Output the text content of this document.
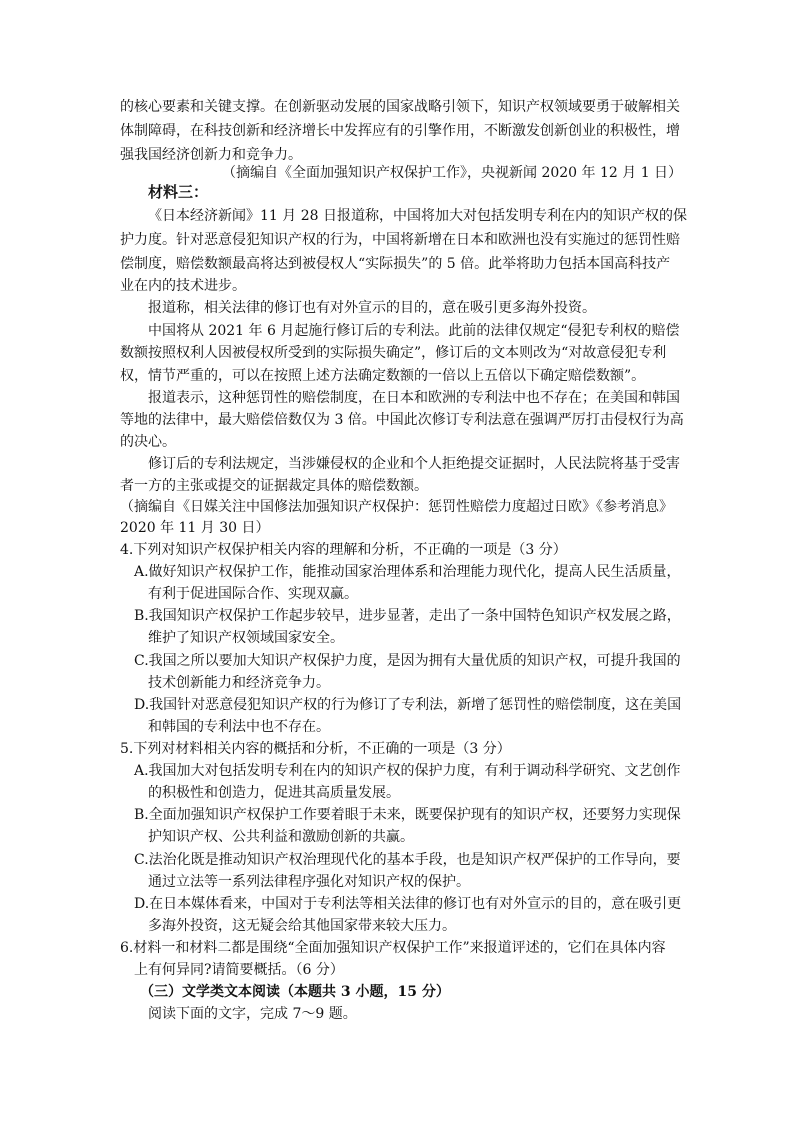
的核心要素和关键支撑。在创新驱动发展的国家战略引领下，知识产权领域要勇于破解相关
体制障碍，在科技创新和经济增长中发挥应有的引擎作用，不断激发创新创业的积极性，增
强我国经济创新力和竞争力。
（摘编自《全面加强知识产权保护工作》，央视新闻 2020 年 12 月 1 日）
材料三：
《日本经济新闻》11 月 28 日报道称，中国将加大对包括发明专利在内的知识产权的保
护力度。针对恶意侵犯知识产权的行为，中国将新增在日本和欧洲也没有实施过的惩罚性赔
偿制度，赔偿数额最高将达到被侵权人“实际损失”的 5 倍。此举将助力包括本国高科技产
业在内的技术进步。
报道称，相关法律的修订也有对外宣示的目的，意在吸引更多海外投资。
中国将从 2021 年 6 月起施行修订后的专利法。此前的法律仅规定“侵犯专利权的赔偿
数额按照权利人因被侵权所受到的实际损失确定”，修订后的文本则改为“对故意侵犯专利
权，情节严重的，可以在按照上述方法确定数额的一倍以上五倍以下确定赔偿数额”。
报道表示，这种惩罚性的赔偿制度，在日本和欧洲的专利法中也不存在；在美国和韩国
等地的法律中，最大赔偿倍数仅为 3 倍。中国此次修订专利法意在强调严厉打击侵权行为高
的决心。
修订后的专利法规定，当涉嫌侵权的企业和个人拒绝提交证据时，人民法院将基于受害
者一方的主张或提交的证据裁定具体的赔偿数额。
（摘编自《日媒关注中国修法加强知识产权保护：惩罚性赔偿力度超过日欧》《参考消息》
2020 年 11 月 30 日）
4.下列对知识产权保护相关内容的理解和分析，不正确的一项是（3 分）
A.做好知识产权保护工作，能推动国家治理体系和治理能力现代化，提高人民生活质量，
有利于促进国际合作、实现双赢。
B.我国知识产权保护工作起步较早，进步显著，走出了一条中国特色知识产权发展之路，
维护了知识产权领域国家安全。
C.我国之所以要加大知识产权保护力度，是因为拥有大量优质的知识产权，可提升我国的
技术创新能力和经济竞争力。
D.我国针对恶意侵犯知识产权的行为修订了专利法，新增了惩罚性的赔偿制度，这在美国
和韩国的专利法中也不存在。
5.下列对材料相关内容的概括和分析，不正确的一项是（3 分）
A.我国加大对包括发明专利在内的知识产权的保护力度，有利于调动科学研究、文艺创作
的积极性和创造力，促进其高质量发展。
B.全面加强知识产权保护工作要着眼于未来，既要保护现有的知识产权，还要努力实现保
护知识产权、公共利益和激励创新的共赢。
C.法治化既是推动知识产权治理现代化的基本手段，也是知识产权严保护的工作导向，要
通过立法等一系列法律程序强化对知识产权的保护。
D.在日本媒体看来，中国对于专利法等相关法律的修订也有对外宣示的目的，意在吸引更
多海外投资，这无疑会给其他国家带来较大压力。
6.材料一和材料二都是围绕“全面加强知识产权保护工作”来报道评述的，它们在具体内容
上有何异同?请简要概括。（6 分）
（三）文学类文本阅读（本题共 3 小题，15 分）
阅读下面的文字，完成 7～9 题。
